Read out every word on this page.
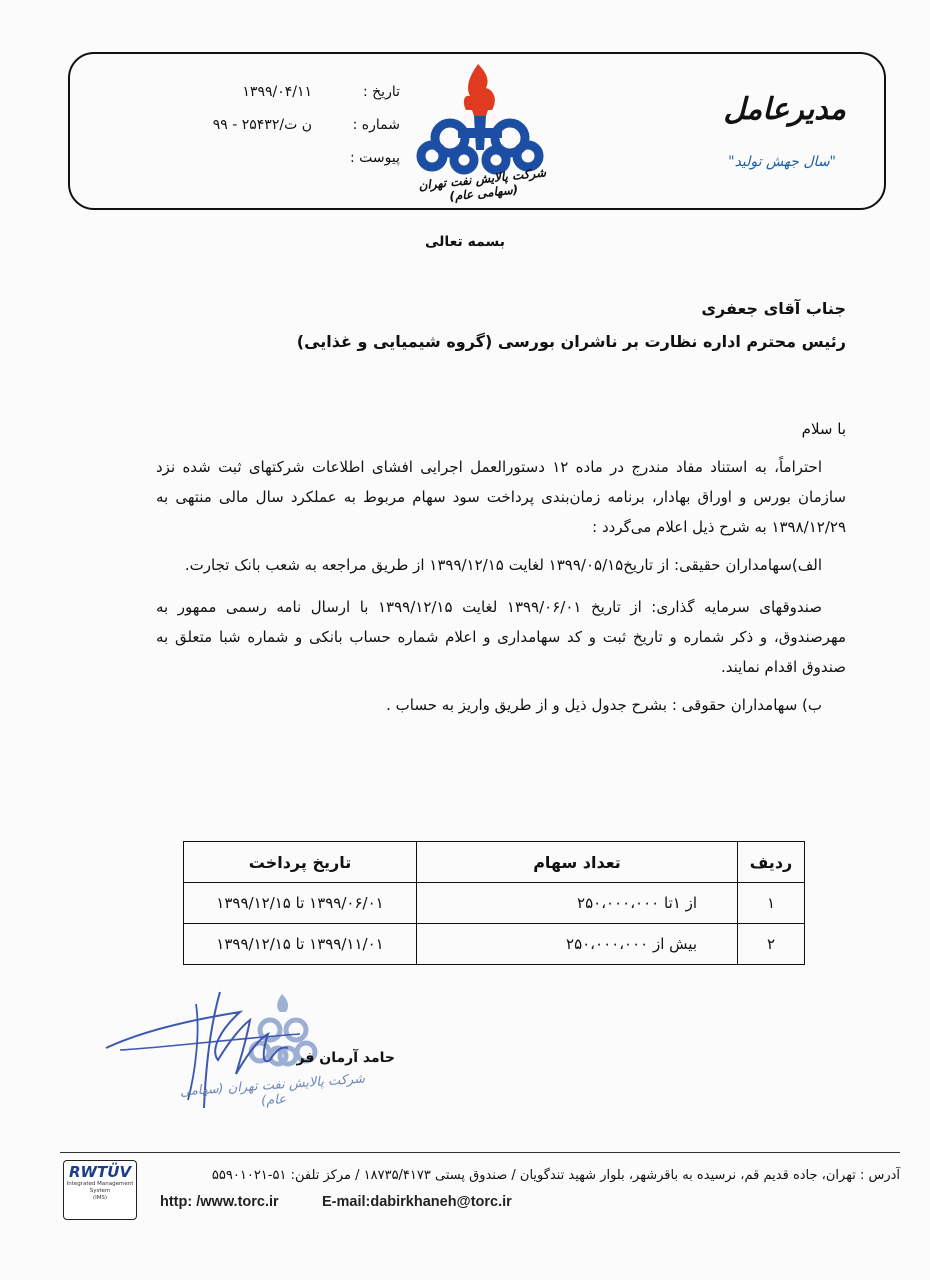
مدیرعامل
"سال جهش تولید"
شرکت پالایش نفت تهران (سهامی عام)
تاریخ :
۱۳۹۹/۰۴/۱۱
شماره :
ن ت/۲۵۴۳۲ - ۹۹
پیوست :
بسمه تعالی
جناب آقای جعفری
رئیس محترم اداره نظارت بر ناشران بورسی (گروه شیمیایی و غذایی)

با سلام

احتراماً، به استناد مفاد مندرج در ماده ۱۲ دستورالعمل اجرایی افشای اطلاعات شرکتهای ثبت شده نزد سازمان بورس و اوراق بهادار، برنامه زمان‌بندی پرداخت سود سهام مربوط به عملکرد سال مالی منتهی به ۱۳۹۸/۱۲/۲۹ به شرح ذیل اعلام می‌گردد :

الف)سهامداران حقیقی: از تاریخ۱۳۹۹/۰۵/۱۵ لغایت ۱۳۹۹/۱۲/۱۵ از طریق مراجعه به شعب بانک تجارت.

صندوقهای سرمایه گذاری: از تاریخ ۱۳۹۹/۰۶/۰۱ لغایت ۱۳۹۹/۱۲/۱۵ با ارسال نامه رسمی ممهور به مهرصندوق، و ذکر شماره و تاریخ ثبت و کد سهامداری و اعلام شماره حساب بانکی و شماره شبا متعلق به صندوق اقدام نمایند.

ب) سهامداران حقوقی : بشرح جدول ذیل و از طریق واریز به حساب .

ردیف	تعداد سهام	تاریخ پرداخت
۱	از ۱تا ۲۵۰،۰۰۰،۰۰۰	۱۳۹۹/۰۶/۰۱ تا ۱۳۹۹/۱۲/۱۵
۲	بیش از ۲۵۰،۰۰۰،۰۰۰	۱۳۹۹/۱۱/۰۱ تا ۱۳۹۹/۱۲/۱۵
حامد آرمان فر
شرکت پالایش نفت تهران (سهامی عام)
RWTÜV
Integrated Management
System
(IMS)
آدرس : تهران، جاده قدیم قم، نرسیده به باقرشهر، بلوار شهید تندگویان / صندوق پستی ۱۸۷۳۵/۴۱۷۳ / مرکز تلفن: ۵۱-۵۵۹۰۱۰۲۱
http: /www.torc.ir	E-mail:dabirkhaneh@torc.ir
